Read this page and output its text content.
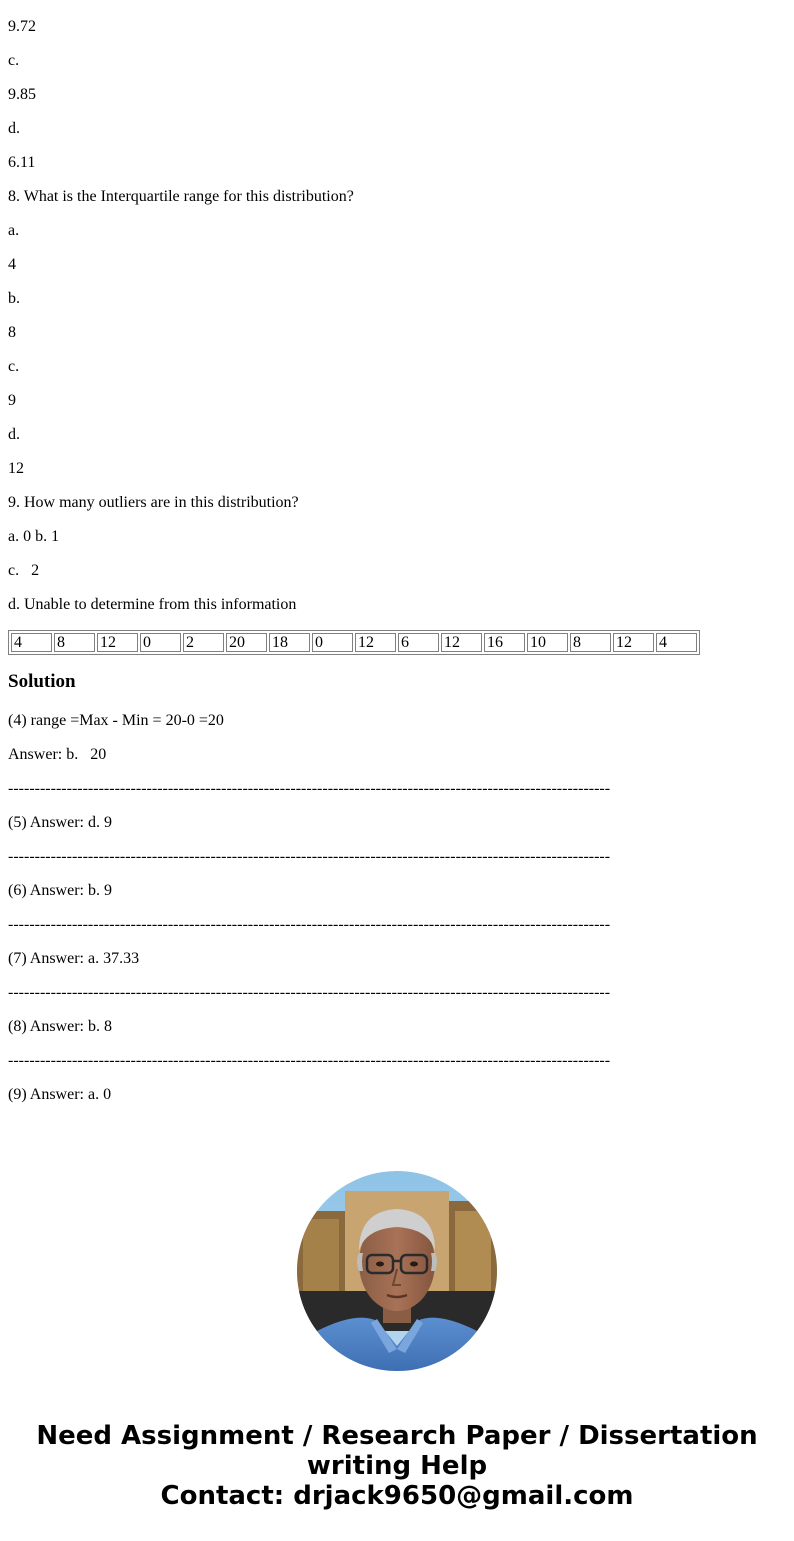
9.72

c.

9.85

d.

6.11

8. What is the Interquartile range for this distribution?

a.

4

b.

8

c.

9

d.

12

9. How many outliers are in this distribution?

a. 0 b. 1

c.   2

d. Unable to determine from this information

4	8	12	0	2	20	18	0	12	6	12	16	10	8	12	4
Solution

(4) range =Max - Min = 20-0 =20

Answer: b.   20

-----------------------------------------------------------------------------------------------------------------

(5) Answer: d. 9

-----------------------------------------------------------------------------------------------------------------

(6) Answer: b. 9

-----------------------------------------------------------------------------------------------------------------

(7) Answer: a. 37.33

-----------------------------------------------------------------------------------------------------------------

(8) Answer: b. 8

-----------------------------------------------------------------------------------------------------------------

(9) Answer: a. 0

Need Assignment / Research Paper / Dissertation
writing Help
Contact: drjack9650@gmail.com
